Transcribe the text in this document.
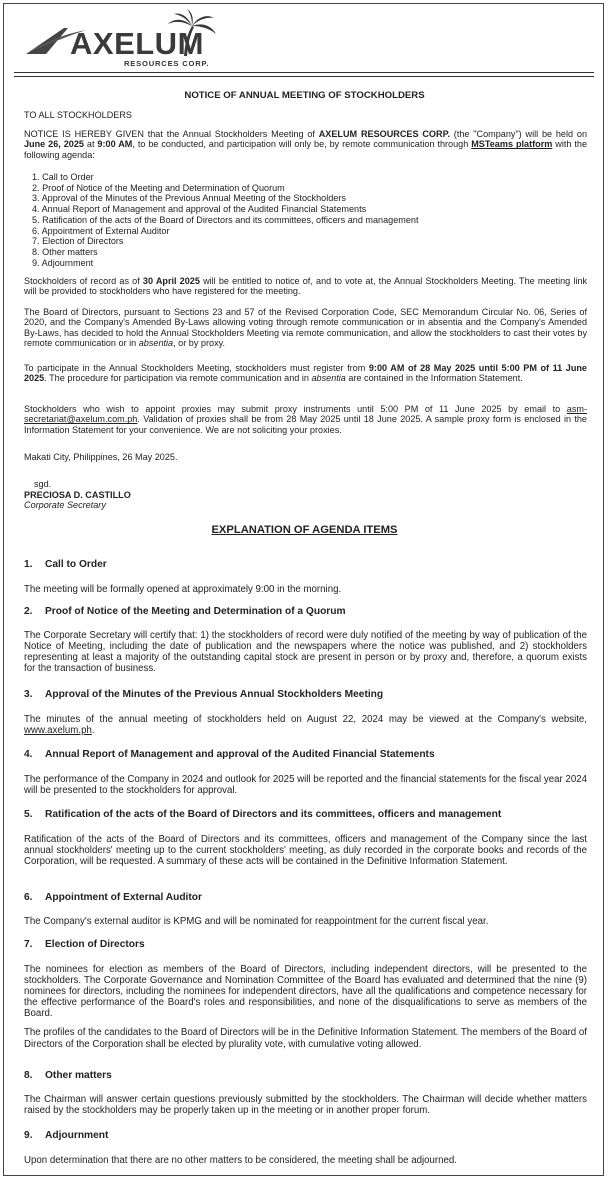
AXELUM
RESOURCES CORP.
NOTICE OF ANNUAL MEETING OF STOCKHOLDERS
TO ALL STOCKHOLDERS
NOTICE IS HEREBY GIVEN that the Annual Stockholders Meeting of AXELUM RESOURCES CORP. (the "Company") will be held on June 26, 2025 at 9:00 AM, to be conducted, and participation will only be, by remote communication through MSTeams platform with the following agenda:
1. Call to Order
2. Proof of Notice of the Meeting and Determination of Quorum
3. Approval of the Minutes of the Previous Annual Meeting of the Stockholders
4. Annual Report of Management and approval of the Audited Financial Statements
5. Ratification of the acts of the Board of Directors and its committees, officers and management
6. Appointment of External Auditor
7. Election of Directors
8. Other matters
9. Adjournment
Stockholders of record as of 30 April 2025 will be entitled to notice of, and to vote at, the Annual Stockholders Meeting. The meeting link will be provided to stockholders who have registered for the meeting.
The Board of Directors, pursuant to Sections 23 and 57 of the Revised Corporation Code, SEC Memorandum Circular No. 06, Series of 2020, and the Company's Amended By-Laws allowing voting through remote communication or in absentia and the Company's Amended By-Laws, has decided to hold the Annual Stockholders Meeting via remote communication, and allow the stockholders to cast their votes by remote communication or in absentia, or by proxy.
To participate in the Annual Stockholders Meeting, stockholders must register from 9:00 AM of 28 May 2025 until 5:00 PM of 11 June 2025. The procedure for participation via remote communication and in absentia are contained in the Information Statement.
Stockholders who wish to appoint proxies may submit proxy instruments until 5:00 PM of 11 June 2025 by email to asm-secretariat@axelum.com.ph. Validation of proxies shall be from 28 May 2025 until 18 June 2025. A sample proxy form is enclosed in the Information Statement for your convenience. We are not soliciting your proxies.
Makati City, Philippines, 26 May 2025.
sgd.
PRECIOSA D. CASTILLO
Corporate Secretary
EXPLANATION OF AGENDA ITEMS
1. Call to Order

The meeting will be formally opened at approximately 9:00 in the morning.

2. Proof of Notice of the Meeting and Determination of a Quorum

The Corporate Secretary will certify that: 1) the stockholders of record were duly notified of the meeting by way of publication of the Notice of Meeting, including the date of publication and the newspapers where the notice was published, and 2) stockholders representing at least a majority of the outstanding capital stock are present in person or by proxy and, therefore, a quorum exists for the transaction of business.

3. Approval of the Minutes of the Previous Annual Stockholders Meeting

The minutes of the annual meeting of stockholders held on August 22, 2024 may be viewed at the Company's website, www.axelum.ph.

4. Annual Report of Management and approval of the Audited Financial Statements

The performance of the Company in 2024 and outlook for 2025 will be reported and the financial statements for the fiscal year 2024 will be presented to the stockholders for approval.

5. Ratification of the acts of the Board of Directors and its committees, officers and management

Ratification of the acts of the Board of Directors and its committees, officers and management of the Company since the last annual stockholders' meeting up to the current stockholders' meeting, as duly recorded in the corporate books and records of the Corporation, will be requested. A summary of these acts will be contained in the Definitive Information Statement.

6. Appointment of External Auditor

The Company's external auditor is KPMG and will be nominated for reappointment for the current fiscal year.

7. Election of Directors

The nominees for election as members of the Board of Directors, including independent directors, will be presented to the stockholders. The Corporate Governance and Nomination Committee of the Board has evaluated and determined that the nine (9) nominees for directors, including the nominees for independent directors, have all the qualifications and competence necessary for the effective performance of the Board's roles and responsibilities, and none of the disqualifications to serve as members of the Board.

The profiles of the candidates to the Board of Directors will be in the Definitive Information Statement. The members of the Board of Directors of the Corporation shall be elected by plurality vote, with cumulative voting allowed.

8. Other matters

The Chairman will answer certain questions previously submitted by the stockholders. The Chairman will decide whether matters raised by the stockholders may be properly taken up in the meeting or in another proper forum.

9. Adjournment

Upon determination that there are no other matters to be considered, the meeting shall be adjourned.
